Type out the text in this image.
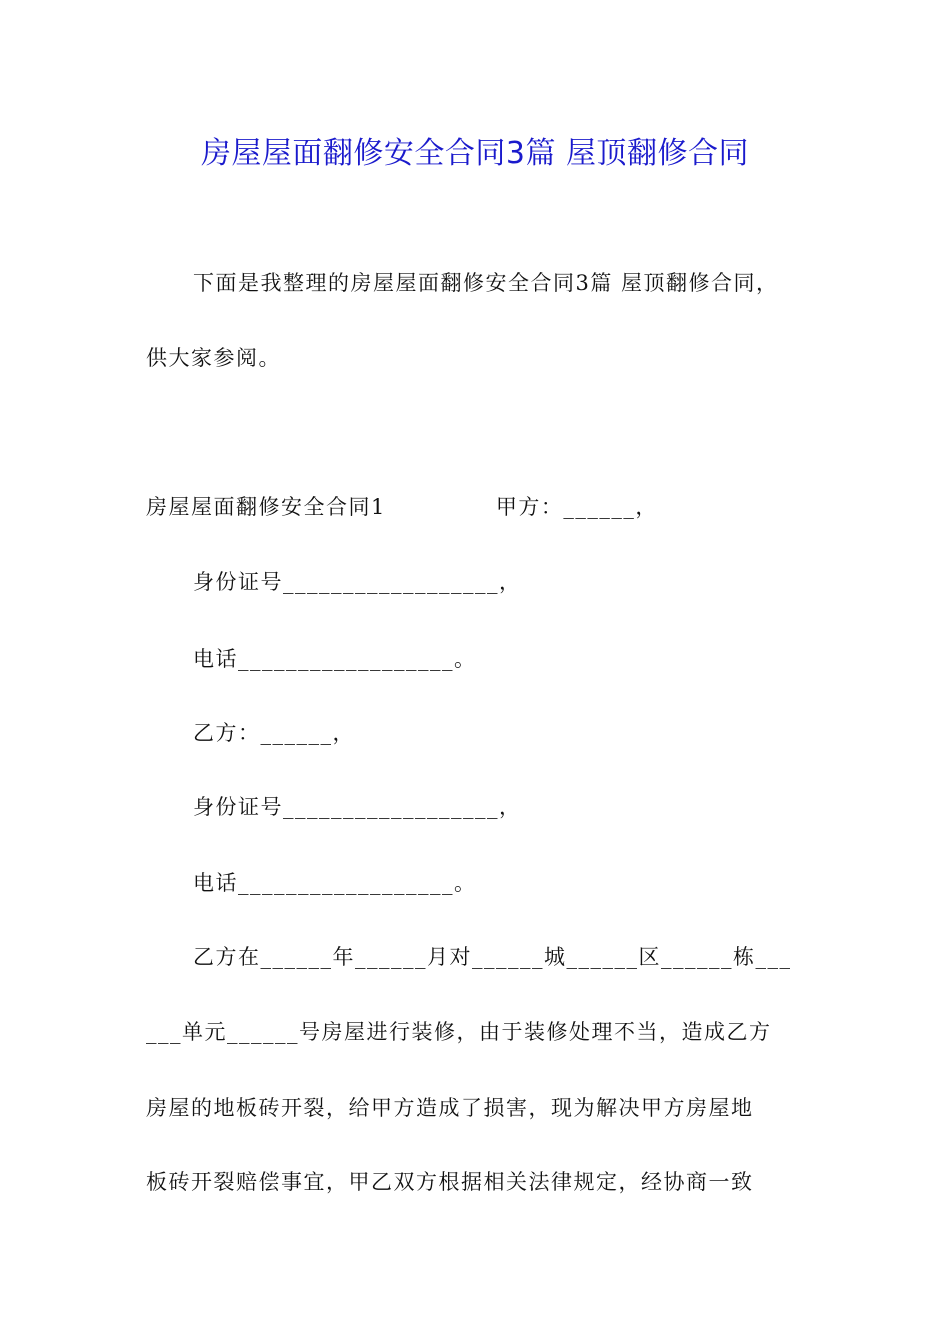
房屋屋面翻修安全合同3篇 屋顶翻修合同
下面是我整理的房屋屋面翻修安全合同3篇 屋顶翻修合同，
供大家参阅。
房屋屋面翻修安全合同1	甲方：______，
身份证号__________________，
电话__________________。
乙方：______，
身份证号__________________，
电话__________________。
乙方在______年______月对______城______区______栋___
___单元______号房屋进行装修，由于装修处理不当，造成乙方
房屋的地板砖开裂，给甲方造成了损害，现为解决甲方房屋地
板砖开裂赔偿事宜，甲乙双方根据相关法律规定，经协商一致
